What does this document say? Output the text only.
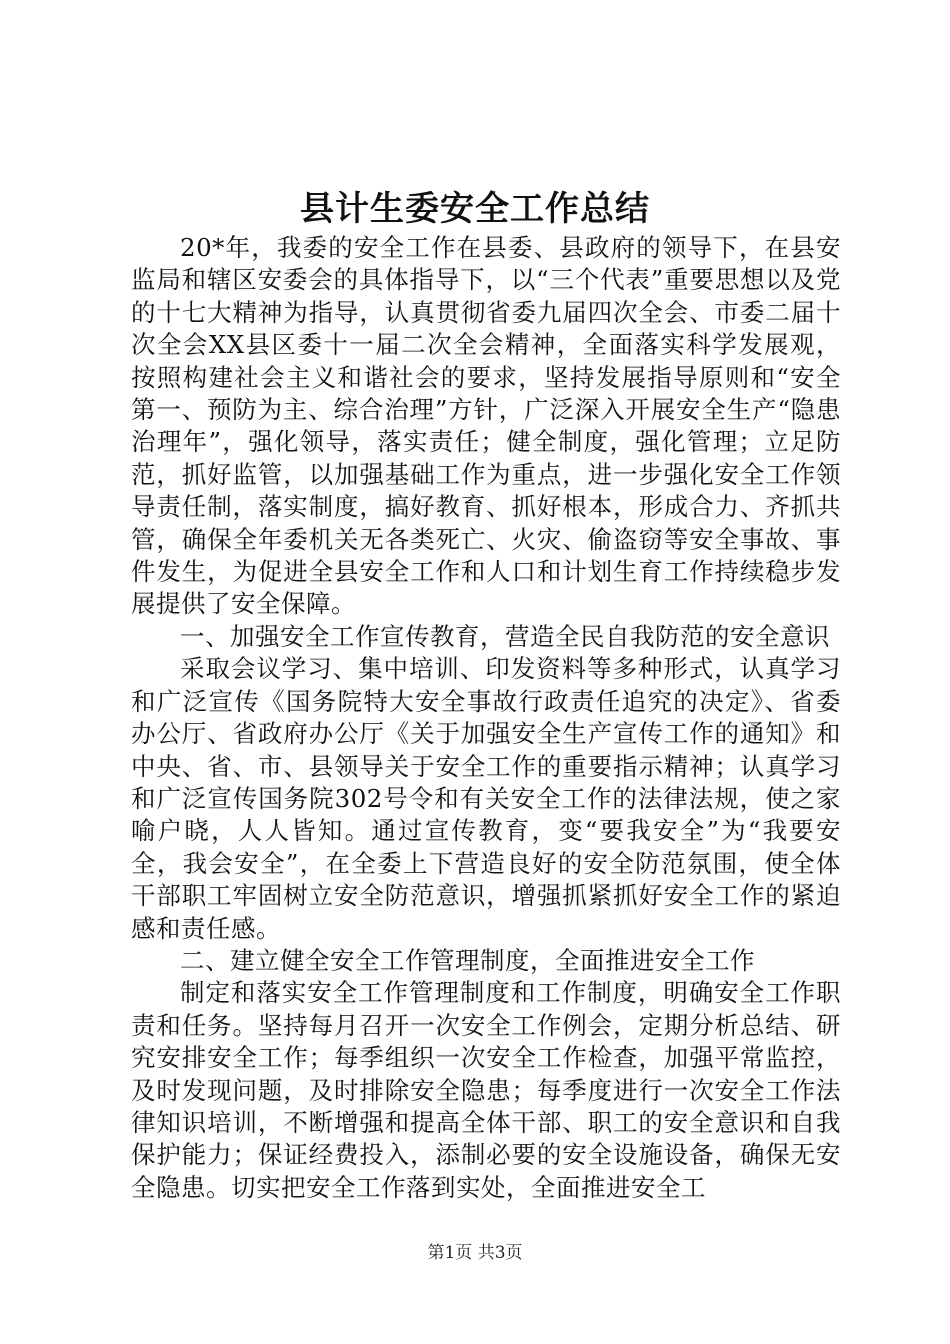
县计生委安全工作总结

20*年，我委的安全工作在县委、县政府的领导下，在县安监局和辖区安委会的具体指导下，以“三个代表”重要思想以及党的十七大精神为指导，认真贯彻省委九届四次全会、市委二届十次全会XX县区委十一届二次全会精神，全面落实科学发展观，按照构建社会主义和谐社会的要求，坚持发展指导原则和“安全第一、预防为主、综合治理”方针，广泛深入开展安全生产“隐患治理年”，强化领导，落实责任；健全制度，强化管理；立足防范，抓好监管，以加强基础工作为重点，进一步强化安全工作领导责任制，落实制度，搞好教育、抓好根本，形成合力、齐抓共管，确保全年委机关无各类死亡、火灾、偷盗窃等安全事故、事件发生，为促进全县安全工作和人口和计划生育工作持续稳步发展提供了安全保障。

一、加强安全工作宣传教育，营造全民自我防范的安全意识

采取会议学习、集中培训、印发资料等多种形式，认真学习和广泛宣传《国务院特大安全事故行政责任追究的决定》、省委办公厅、省政府办公厅《关于加强安全生产宣传工作的通知》和中央、省、市、县领导关于安全工作的重要指示精神；认真学习和广泛宣传国务院302号令和有关安全工作的法律法规，使之家喻户晓，人人皆知。通过宣传教育，变“要我安全”为“我要安全，我会安全”，在全委上下营造良好的安全防范氛围，使全体干部职工牢固树立安全防范意识，增强抓紧抓好安全工作的紧迫感和责任感。

二、建立健全安全工作管理制度，全面推进安全工作

制定和落实安全工作管理制度和工作制度，明确安全工作职责和任务。坚持每月召开一次安全工作例会，定期分析总结、研究安排安全工作；每季组织一次安全工作检查，加强平常监控，及时发现问题，及时排除安全隐患；每季度进行一次安全工作法律知识培训，不断增强和提高全体干部、职工的安全意识和自我保护能力；保证经费投入，添制必要的安全设施设备，确保无安全隐患。切实把安全工作落到实处，全面推进安全工

第1页 共3页
